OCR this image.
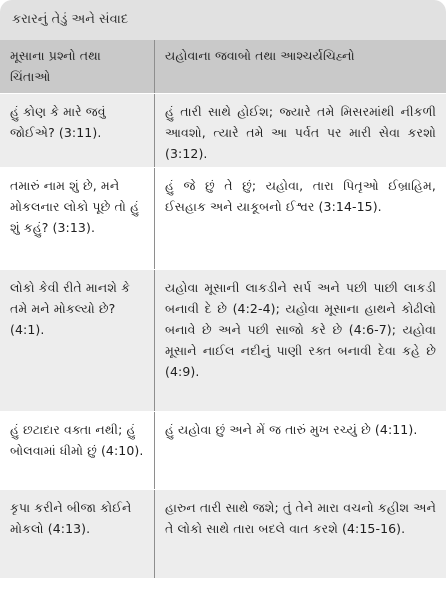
કરારનું તેડું અને સંવાદ
મૂસાના પ્રશ્નો તથા ચિંતાઓ
યહોવાના જવાબો તથા આશ્ચર્યચિહ્નો
હું કોણ કે મારે જવું જોઈએ? (3:11).
હું તારી સાથે હોઈશ; જ્યારે તમે મિસરમાંથી નીકળી આવશો, ત્યારે તમે આ પર્વત પર મારી સેવા કરશો (3:12).
તમારું નામ શું છે, મને મોકલનાર લોકો પૂછે તો હું શું કહું? (3:13).
હું જે છું તે છું; યહોવા, તારા પિતૃઓ ઈબ્રાહિમ, ઈસહાક અને યાકૂબનો ઈશ્વર (3:14-15).
લોકો કેવી રીતે માનશે કે તમે મને મોકલ્યો છે? (4:1).
યહોવા મૂસાની લાકડીને સર્પ અને પછી પાછી લાકડી બનાવી દે છે (4:2-4); યહોવા મૂસાના હાથને કોઢીલો બનાવે છે અને પછી સાજો કરે છે (4:6-7); યહોવા મૂસાને નાઈલ નદીનું પાણી રક્ત બનાવી દેવા કહે છે (4:9).
હું છટાદાર વક્તા નથી; હું બોલવામાં ધીમો છું (4:10).
હું યહોવા છું અને મેં જ તારું મુખ રચ્યું છે (4:11).
કૃપા કરીને બીજા કોઈને મોકલો (4:13).
હારુન તારી સાથે જશે; તું તેને મારા વચનો કહીશ અને તે લોકો સાથે તારા બદલે વાત કરશે (4:15-16).
